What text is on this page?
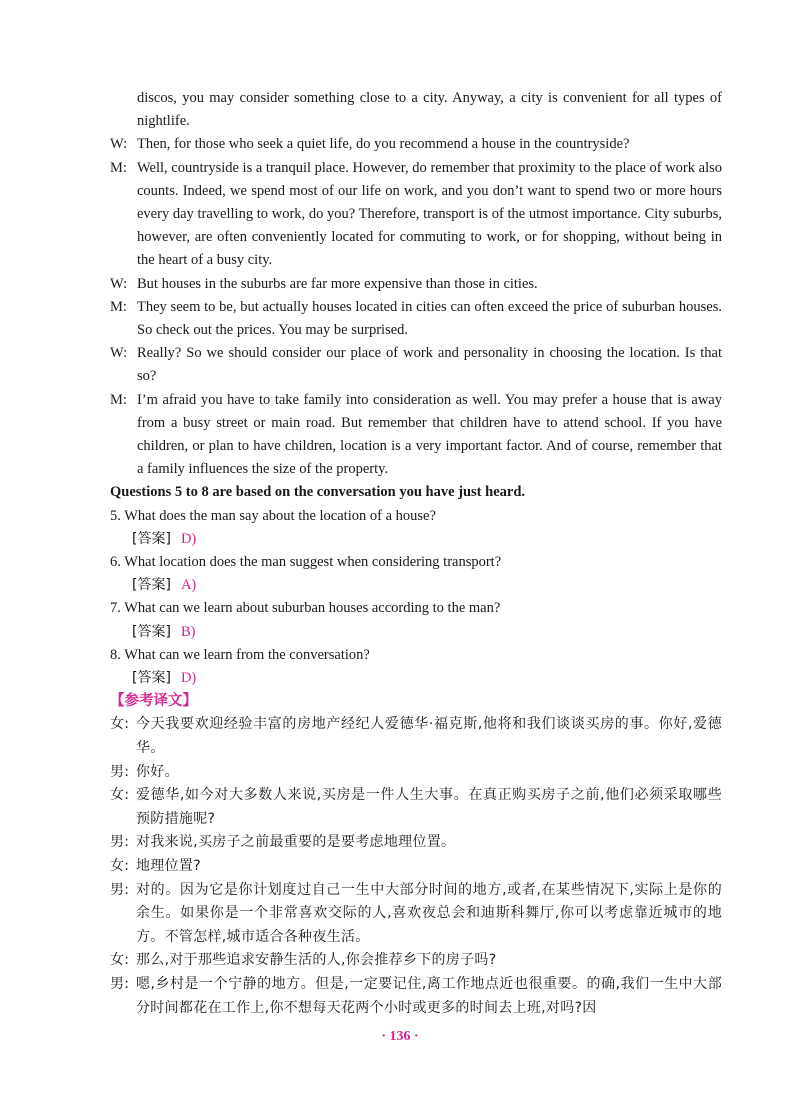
discos, you may consider something close to a city. Anyway, a city is convenient for all types of nightlife.
W: Then, for those who seek a quiet life, do you recommend a house in the countryside?
M: Well, countryside is a tranquil place. However, do remember that proximity to the place of work also counts. Indeed, we spend most of our life on work, and you don’t want to spend two or more hours every day travelling to work, do you? Therefore, transport is of the utmost importance. City suburbs, however, are often conveniently located for commuting to work, or for shopping, without being in the heart of a busy city.
W: But houses in the suburbs are far more expensive than those in cities.
M: They seem to be, but actually houses located in cities can often exceed the price of suburban houses. So check out the prices. You may be surprised.
W: Really? So we should consider our place of work and personality in choosing the location. Is that so?
M: I’m afraid you have to take family into consideration as well. You may prefer a house that is away from a busy street or main road. But remember that children have to attend school. If you have children, or plan to have children, location is a very important factor. And of course, remember that a family influences the size of the property.
Questions 5 to 8 are based on the conversation you have just heard.
5. What does the man say about the location of a house?
[答案] D)
6. What location does the man suggest when considering transport?
[答案] A)
7. What can we learn about suburban houses according to the man?
[答案] B)
8. What can we learn from the conversation?
[答案] D)
【参考译文】
女: 今天我要欢迎经验丰富的房地产经纪人爱德华·福克斯,他将和我们谈谈买房的事。你好,爱德华。
男: 你好。
女: 爱德华,如今对大多数人来说,买房是一件人生大事。在真正购买房子之前,他们必须采取哪些预防措施呢?
男: 对我来说,买房子之前最重要的是要考虑地理位置。
女: 地理位置?
男: 对的。因为它是你计划度过自己一生中大部分时间的地方,或者,在某些情况下,实际上是你的余生。如果你是一个非常喜欢交际的人,喜欢夜总会和迪斯科舞厅,你可以考虑靠近城市的地方。不管怎样,城市适合各种夜生活。
女: 那么,对于那些追求安静生活的人,你会推荐乡下的房子吗?
男: 嗯,乡村是一个宁静的地方。但是,一定要记住,离工作地点近也很重要。的确,我们一生中大部分时间都花在工作上,你不想每天花两个小时或更多的时间去上班,对吗?因
· 136 ·
